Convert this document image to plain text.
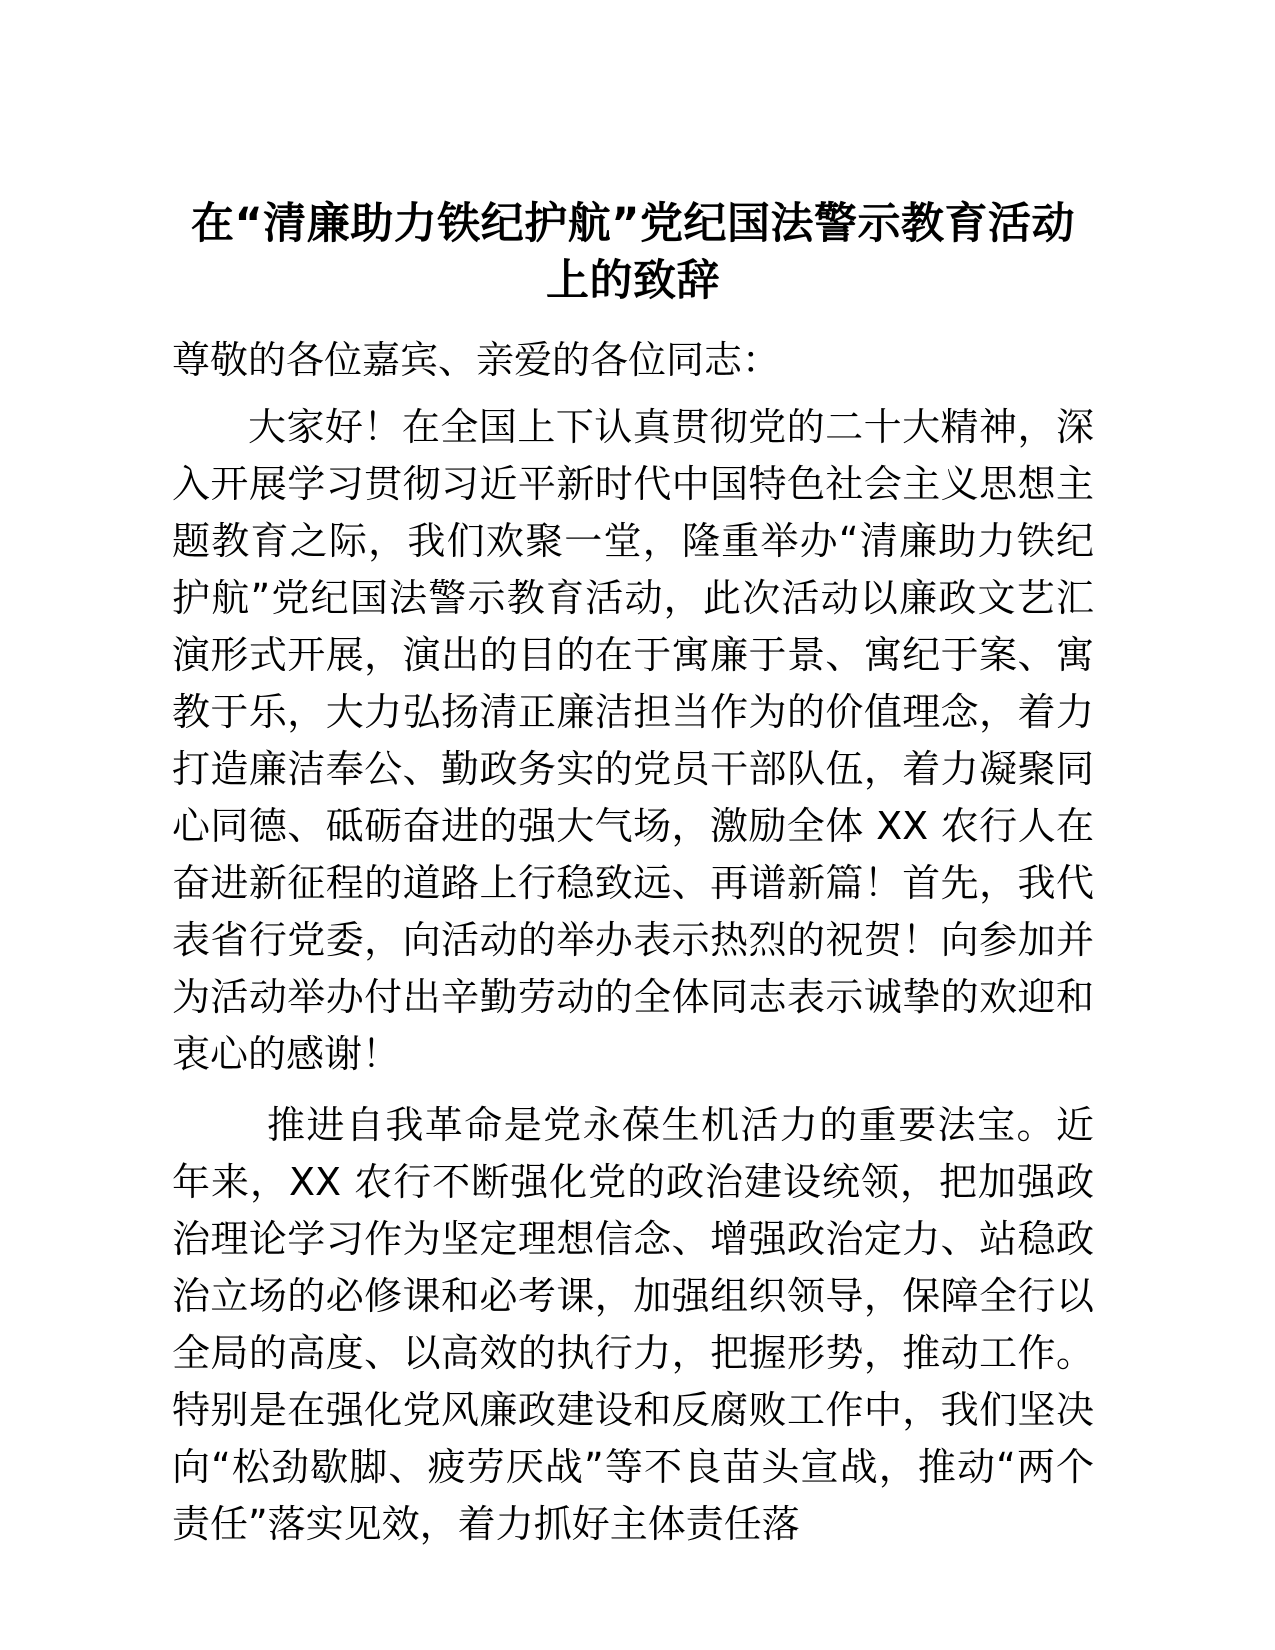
在“清廉助力铁纪护航”党纪国法警示教育活动上的致辞

尊敬的各位嘉宾、亲爱的各位同志：

大家好！在全国上下认真贯彻党的二十大精神，深入开展学习贯彻习近平新时代中国特色社会主义思想主题教育之际，我们欢聚一堂，隆重举办“清廉助力铁纪护航”党纪国法警示教育活动，此次活动以廉政文艺汇演形式开展，演出的目的在于寓廉于景、寓纪于案、寓教于乐，大力弘扬清正廉洁担当作为的价值理念，着力打造廉洁奉公、勤政务实的党员干部队伍，着力凝聚同心同德、砥砺奋进的强大气场，激励全体 XX 农行人在奋进新征程的道路上行稳致远、再谱新篇！首先，我代表省行党委，向活动的举办表示热烈的祝贺！向参加并为活动举办付出辛勤劳动的全体同志表示诚挚的欢迎和衷心的感谢！

推进自我革命是党永葆生机活力的重要法宝。近年来，XX 农行不断强化党的政治建设统领，把加强政治理论学习作为坚定理想信念、增强政治定力、站稳政治立场的必修课和必考课，加强组织领导，保障全行以全局的高度、以高效的执行力，把握形势，推动工作。特别是在强化党风廉政建设和反腐败工作中，我们坚决向“松劲歇脚、疲劳厌战”等不良苗头宣战，推动“两个责任”落实见效，着力抓好主体责任落
